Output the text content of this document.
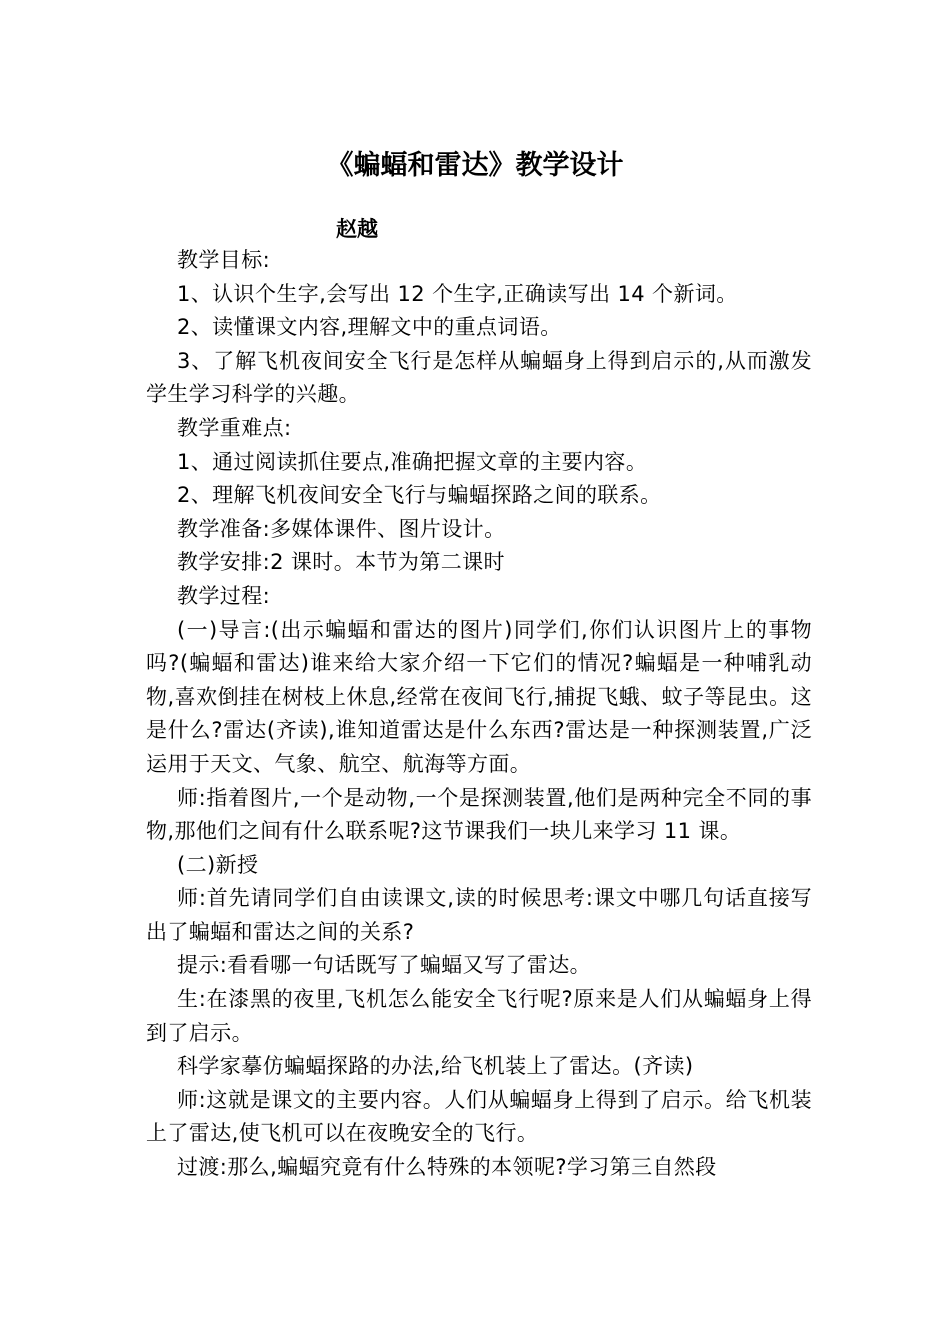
《蝙蝠和雷达》教学设计
赵越

教学目标:

1、认识个生字,会写出 12 个生字,正确读写出 14 个新词。

2、读懂课文内容,理解文中的重点词语。

3、了解飞机夜间安全飞行是怎样从蝙蝠身上得到启示的,从而激发学生学习科学的兴趣。

教学重难点:

1、通过阅读抓住要点,准确把握文章的主要内容。

2、理解飞机夜间安全飞行与蝙蝠探路之间的联系。

教学准备:多媒体课件、图片设计。

教学安排:2 课时。本节为第二课时

教学过程:

(一)导言:(出示蝙蝠和雷达的图片)同学们,你们认识图片上的事物吗?(蝙蝠和雷达)谁来给大家介绍一下它们的情况?蝙蝠是一种哺乳动物,喜欢倒挂在树枝上休息,经常在夜间飞行,捕捉飞蛾、蚊子等昆虫。这是什么?雷达(齐读),谁知道雷达是什么东西?雷达是一种探测装置,广泛运用于天文、气象、航空、航海等方面。

师:指着图片,一个是动物,一个是探测装置,他们是两种完全不同的事物,那他们之间有什么联系呢?这节课我们一块儿来学习 11 课。

(二)新授

师:首先请同学们自由读课文,读的时候思考:课文中哪几句话直接写出了蝙蝠和雷达之间的关系?

提示:看看哪一句话既写了蝙蝠又写了雷达。

生:在漆黑的夜里,飞机怎么能安全飞行呢?原来是人们从蝙蝠身上得到了启示。

科学家摹仿蝙蝠探路的办法,给飞机装上了雷达。(齐读)

师:这就是课文的主要内容。人们从蝙蝠身上得到了启示。给飞机装上了雷达,使飞机可以在夜晚安全的飞行。

过渡:那么,蝙蝠究竟有什么特殊的本领呢?学习第三自然段
